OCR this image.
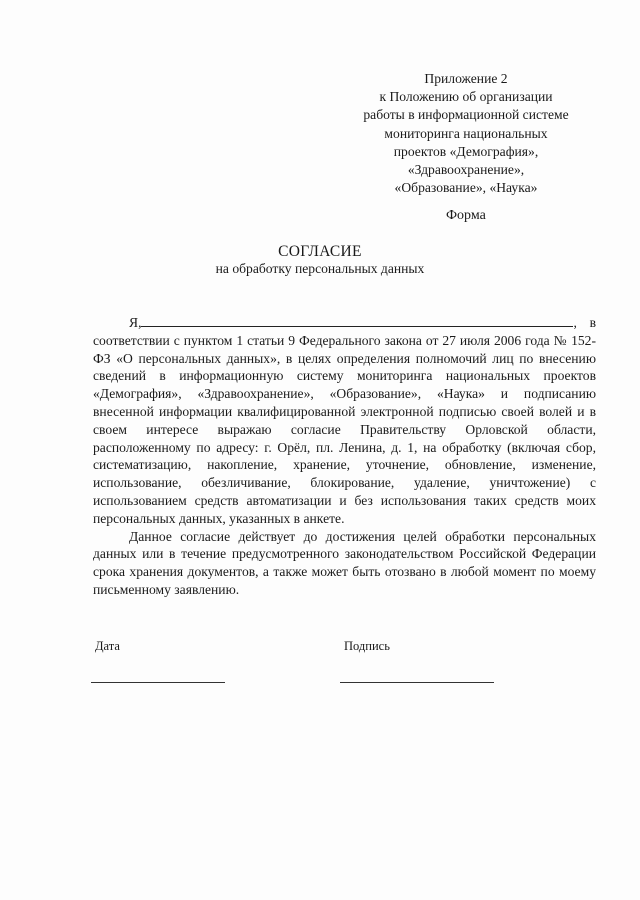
Приложение 2
к Положению об организации
работы в информационной системе
мониторинга национальных
проектов «Демография»,
«Здравоохранение»,
«Образование», «Наука»
Форма
СОГЛАСИЕ
на обработку персональных данных

Я,	, в соответствии с пунктом 1 статьи 9 Федерального закона от 27 июля 2006 года № 152-ФЗ «О персональных данных», в целях определения полномочий лиц по внесению сведений в информационную систему мониторинга национальных проектов «Демография», «Здравоохранение», «Образование», «Наука» и подписанию внесенной информации квалифицированной электронной подписью своей волей и в своем интересе выражаю согласие Правительству Орловской области, расположенному по адресу: г. Орёл, пл. Ленина, д. 1, на обработку (включая сбор, систематизацию, накопление, хранение, уточнение, обновление, изменение, использование, обезличивание, блокирование, удаление, уничтожение) с использованием средств автоматизации и без использования таких средств моих персональных данных, указанных в анкете.

Данное согласие действует до достижения целей обработки персональных данных или в течение предусмотренного законодательством Российской Федерации срока хранения документов, а также может быть отозвано в любой момент по моему письменному заявлению.

Дата	Подпись
